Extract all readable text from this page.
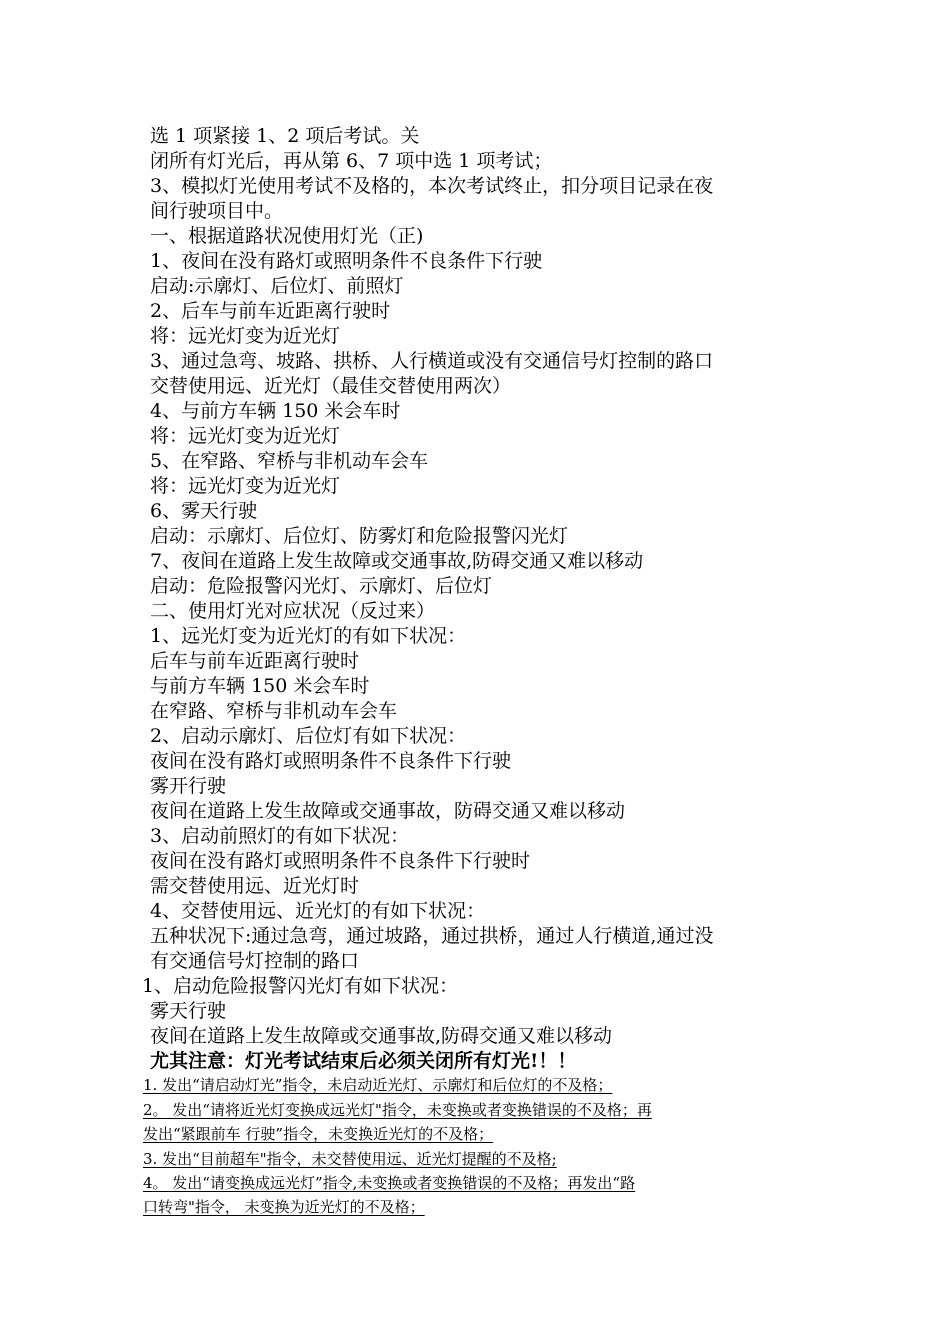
选 1 项紧接 1、2 项后考试。关
闭所有灯光后，再从第 6、7 项中选 1 项考试；
3、模拟灯光使用考试不及格的，本次考试终止，扣分项目记录在夜
间行驶项目中。
一、根据道路状况使用灯光（正)
1、夜间在没有路灯或照明条件不良条件下行驶
启动:示廓灯、后位灯、前照灯
2、后车与前车近距离行驶时
将：远光灯变为近光灯
3、通过急弯、坡路、拱桥、人行横道或没有交通信号灯控制的路口
交替使用远、近光灯（最佳交替使用两次）
4、与前方车辆 150 米会车时
将：远光灯变为近光灯
5、在窄路、窄桥与非机动车会车
将：远光灯变为近光灯
6、雾天行驶
启动：示廓灯、后位灯、防雾灯和危险报警闪光灯
7、夜间在道路上发生故障或交通事故,防碍交通又难以移动
启动：危险报警闪光灯、示廓灯、后位灯
二、使用灯光对应状况（反过来）
1、远光灯变为近光灯的有如下状况：
后车与前车近距离行驶时
与前方车辆 150 米会车时
在窄路、窄桥与非机动车会车
2、启动示廓灯、后位灯有如下状况：
夜间在没有路灯或照明条件不良条件下行驶
雾开行驶
夜间在道路上发生故障或交通事故，防碍交通又难以移动
3、启动前照灯的有如下状况：
夜间在没有路灯或照明条件不良条件下行驶时
需交替使用远、近光灯时
4、交替使用远、近光灯的有如下状况：
五种状况下:通过急弯，通过坡路，通过拱桥，通过人行横道,通过没
有交通信号灯控制的路口
1、启动危险报警闪光灯有如下状况：
雾天行驶
夜间在道路上发生故障或交通事故,防碍交通又难以移动
尤其注意：灯光考试结束后必须关闭所有灯光!！！
1. 发出“请启动灯光”指令，未启动近光灯、示廓灯和后位灯的不及格；
2。 发出“请将近光灯变换成远光灯"指令，未变换或者变换错误的不及格；再
发出“紧跟前车 行驶”指令，未变换近光灯的不及格；
3. 发出“目前超车"指令，未交替使用远、近光灯提醒的不及格;
4。 发出“请变换成远光灯”指令,未变换或者变换错误的不及格；再发出“路
口转弯"指令， 未变换为近光灯的不及格；
